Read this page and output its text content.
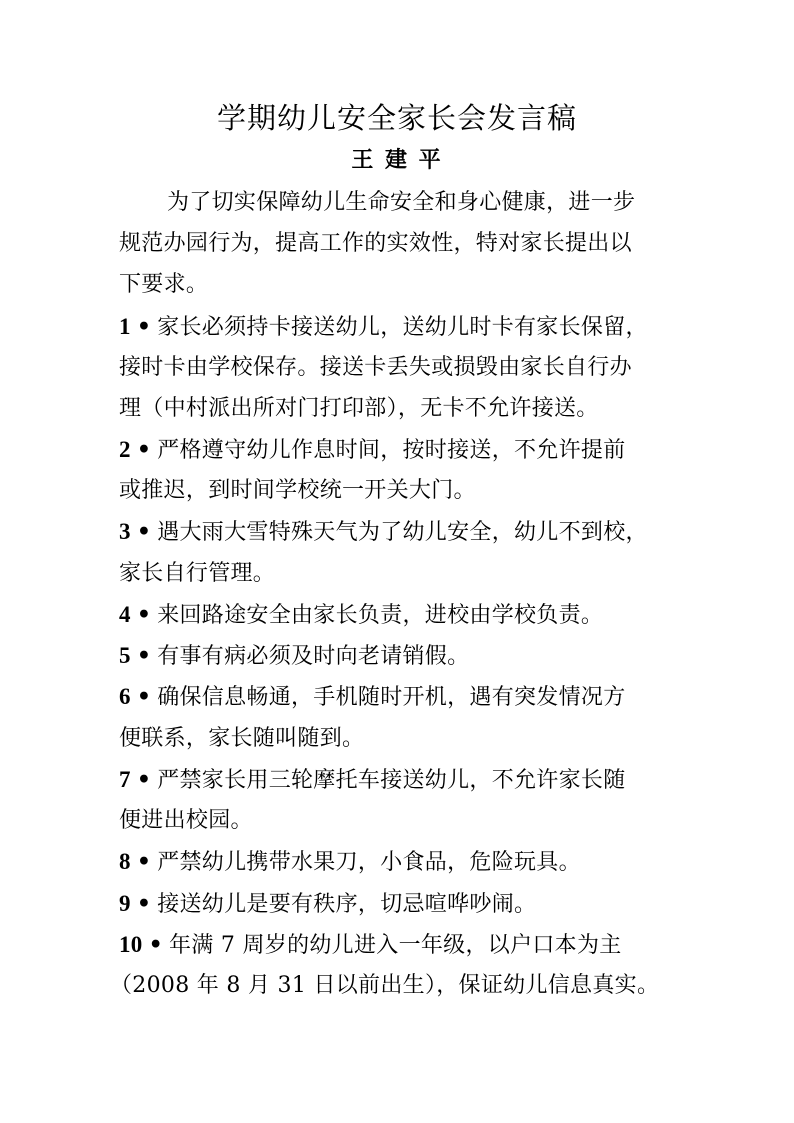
学期幼儿安全家长会发言稿
王 建 平
为了切实保障幼儿生命安全和身心健康，进一步
规范办园行为，提高工作的实效性，特对家长提出以
下要求。
1 • 家长必须持卡接送幼儿，送幼儿时卡有家长保留，
接时卡由学校保存。接送卡丢失或损毁由家长自行办
理（中村派出所对门打印部），无卡不允许接送。
2 • 严格遵守幼儿作息时间，按时接送，不允许提前
或推迟，到时间学校统一开关大门。
3 • 遇大雨大雪特殊天气为了幼儿安全，幼儿不到校，
家长自行管理。
4 • 来回路途安全由家长负责，进校由学校负责。
5 • 有事有病必须及时向老请销假。
6 • 确保信息畅通，手机随时开机，遇有突发情况方
便联系，家长随叫随到。
7 • 严禁家长用三轮摩托车接送幼儿，不允许家长随
便进出校园。
8 • 严禁幼儿携带水果刀，小食品，危险玩具。
9 • 接送幼儿是要有秩序，切忌喧哗吵闹。
10 • 年满 7 周岁的幼儿进入一年级，以户口本为主
（2008 年 8 月 31 日以前出生），保证幼儿信息真实。
